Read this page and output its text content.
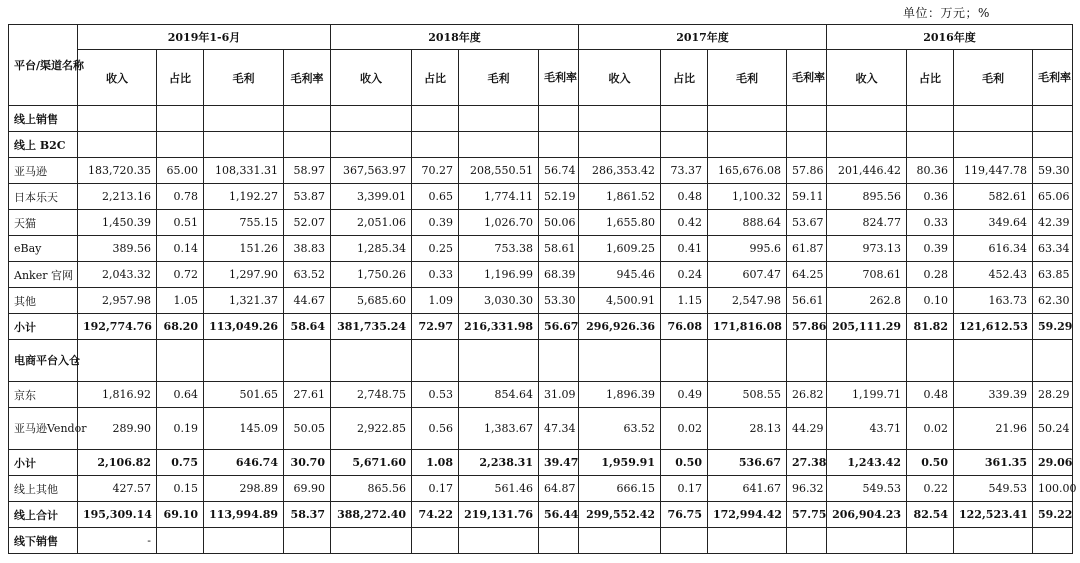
单位：万元；%
平台/渠道名称	2019年1-6月				2018年度				2017年度				2016年度			
	收入	占比	毛利	毛利率	收入	占比	毛利	毛利率	收入	占比	毛利	毛利率	收入	占比	毛利	毛利率
线上销售																
线上 B2C																
亚马逊	183,720.35	65.00	108,331.31	58.97	367,563.97	70.27	208,550.51	56.74	286,353.42	73.37	165,676.08	57.86	201,446.42	80.36	119,447.78	59.30
日本乐天	2,213.16	0.78	1,192.27	53.87	3,399.01	0.65	1,774.11	52.19	1,861.52	0.48	1,100.32	59.11	895.56	0.36	582.61	65.06
天猫	1,450.39	0.51	755.15	52.07	2,051.06	0.39	1,026.70	50.06	1,655.80	0.42	888.64	53.67	824.77	0.33	349.64	42.39
eBay	389.56	0.14	151.26	38.83	1,285.34	0.25	753.38	58.61	1,609.25	0.41	995.6	61.87	973.13	0.39	616.34	63.34
Anker 官网	2,043.32	0.72	1,297.90	63.52	1,750.26	0.33	1,196.99	68.39	945.46	0.24	607.47	64.25	708.61	0.28	452.43	63.85
其他	2,957.98	1.05	1,321.37	44.67	5,685.60	1.09	3,030.30	53.30	4,500.91	1.15	2,547.98	56.61	262.8	0.10	163.73	62.30
小计	192,774.76	68.20	113,049.26	58.64	381,735.24	72.97	216,331.98	56.67	296,926.36	76.08	171,816.08	57.86	205,111.29	81.82	121,612.53	59.29
电商平台入仓																
京东	1,816.92	0.64	501.65	27.61	2,748.75	0.53	854.64	31.09	1,896.39	0.49	508.55	26.82	1,199.71	0.48	339.39	28.29
亚马逊Vendor	289.90	0.19	145.09	50.05	2,922.85	0.56	1,383.67	47.34	63.52	0.02	28.13	44.29	43.71	0.02	21.96	50.24
小计	2,106.82	0.75	646.74	30.70	5,671.60	1.08	2,238.31	39.47	1,959.91	0.50	536.67	27.38	1,243.42	0.50	361.35	29.06
线上其他	427.57	0.15	298.89	69.90	865.56	0.17	561.46	64.87	666.15	0.17	641.67	96.32	549.53	0.22	549.53	100.00
线上合计	195,309.14	69.10	113,994.89	58.37	388,272.40	74.22	219,131.76	56.44	299,552.42	76.75	172,994.42	57.75	206,904.23	82.54	122,523.41	59.22
线下销售	-															
